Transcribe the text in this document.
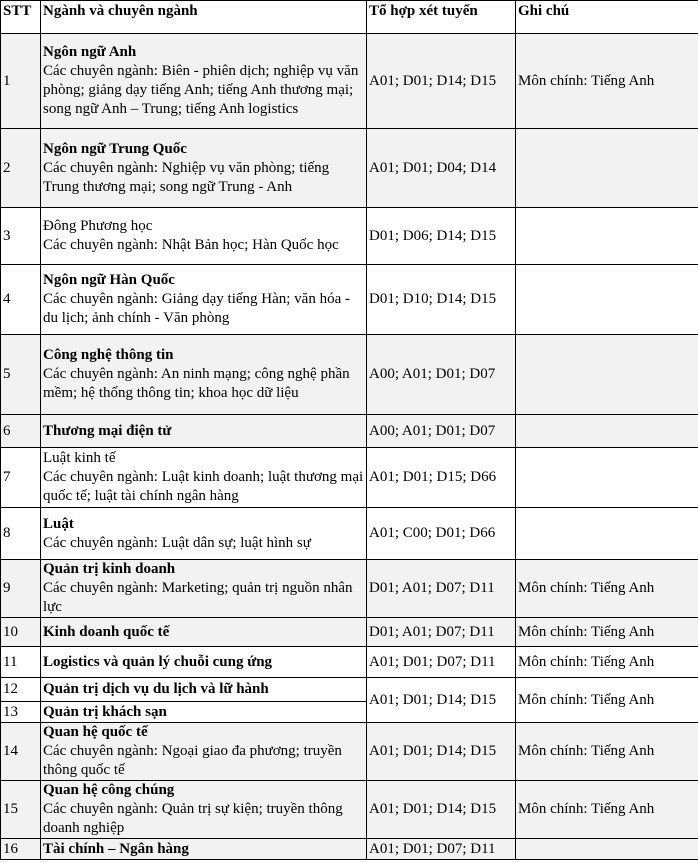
STT	Ngành và chuyên ngành	Tổ hợp xét tuyển	Ghi chú
1	Ngôn ngữ Anh
Các chuyên ngành: Biên - phiên dịch; nghiệp vụ văn phòng; giảng dạy tiếng Anh; tiếng Anh thương mại; song ngữ Anh – Trung; tiếng Anh logistics	A01; D01; D14; D15	Môn chính: Tiếng Anh
2	Ngôn ngữ Trung Quốc
Các chuyên ngành: Nghiệp vụ văn phòng; tiếng Trung thương mại; song ngữ Trung - Anh	A01; D01; D04; D14	
3	Đông Phương học
Các chuyên ngành: Nhật Bản học; Hàn Quốc học	D01; D06; D14; D15	
4	Ngôn ngữ Hàn Quốc
Các chuyên ngành: Giảng dạy tiếng Hàn; văn hóa - du lịch; ảnh chính - Văn phòng	D01; D10; D14; D15	
5	Công nghệ thông tin
Các chuyên ngành: An ninh mạng; công nghệ phần mềm; hệ thống thông tin; khoa học dữ liệu	A00; A01; D01; D07	
6	Thương mại điện tử	A00; A01; D01; D07	
7	Luật kinh tế
Các chuyên ngành: Luật kinh doanh; luật thương mại quốc tế; luật tài chính ngân hàng	A01; D01; D15; D66	
8	Luật
Các chuyên ngành: Luật dân sự; luật hình sự	A01; C00; D01; D66	
9	Quản trị kinh doanh
Các chuyên ngành: Marketing; quản trị nguồn nhân lực	D01; A01; D07; D11	Môn chính: Tiếng Anh
10	Kinh doanh quốc tế	D01; A01; D07; D11	Môn chính: Tiếng Anh
11	Logistics và quản lý chuỗi cung ứng	A01; D01; D07; D11	Môn chính: Tiếng Anh
12	Quản trị dịch vụ du lịch và lữ hành	A01; D01; D14; D15	Môn chính: Tiếng Anh
13	Quản trị khách sạn		

14	Quan hệ quốc tế
Các chuyên ngành: Ngoại giao đa phương; truyền thông quốc tế	A01; D01; D14; D15	Môn chính: Tiếng Anh
15	Quan hệ công chúng
Các chuyên ngành: Quản trị sự kiện; truyền thông doanh nghiệp	A01; D01; D14; D15	Môn chính: Tiếng Anh
16	Tài chính – Ngân hàng	A01; D01; D07; D11	
